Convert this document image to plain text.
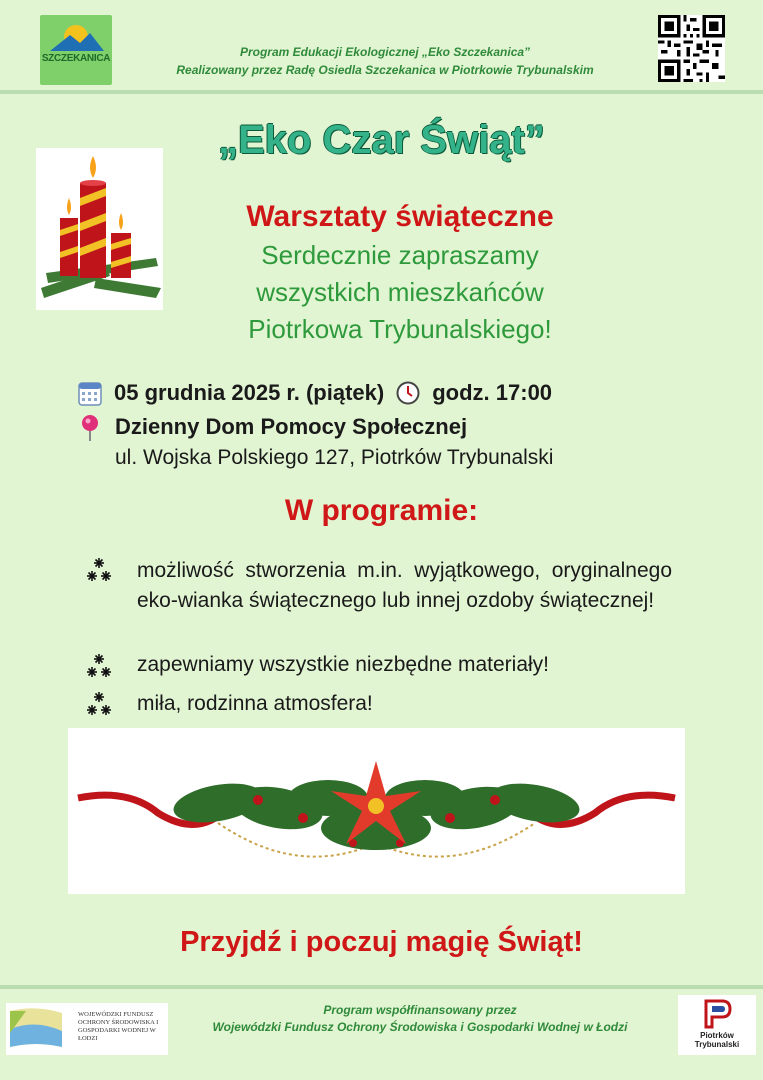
SZCZEKANICA	Program Edukacji Ekologicznej „Eko Szczekanica”
Realizowany przez Radę Osiedla Szczekanica w Piotrkowie Trybunalskim
„Eko Czar Świąt”
Warsztaty świąteczne
Serdecznie zapraszamy
wszystkich mieszkańców
Piotrkowa Trybunalskiego!
05 grudnia 2025 r. (piątek) godz. 17:00
Dzienny Dom Pomocy Społecznej
ul. Wojska Polskiego 127, Piotrków Trybunalski
W programie:
możliwość stworzenia m.in. wyjątkowego, oryginalnego eko-wianka świątecznego lub innej ozdoby świątecznej!
zapewniamy wszystkie niezbędne materiały!
miła, rodzinna atmosfera!
Przyjdź i poczuj magię Świąt!
WOJEWÓDZKI FUNDUSZ OCHRONY ŚRODOWISKA I GOSPODARKI WODNEJ W ŁODZI
Program współfinansowany przez
Wojewódzki Fundusz Ochrony Środowiska i Gospodarki Wodnej w Łodzi
Piotrków Trybunalski
